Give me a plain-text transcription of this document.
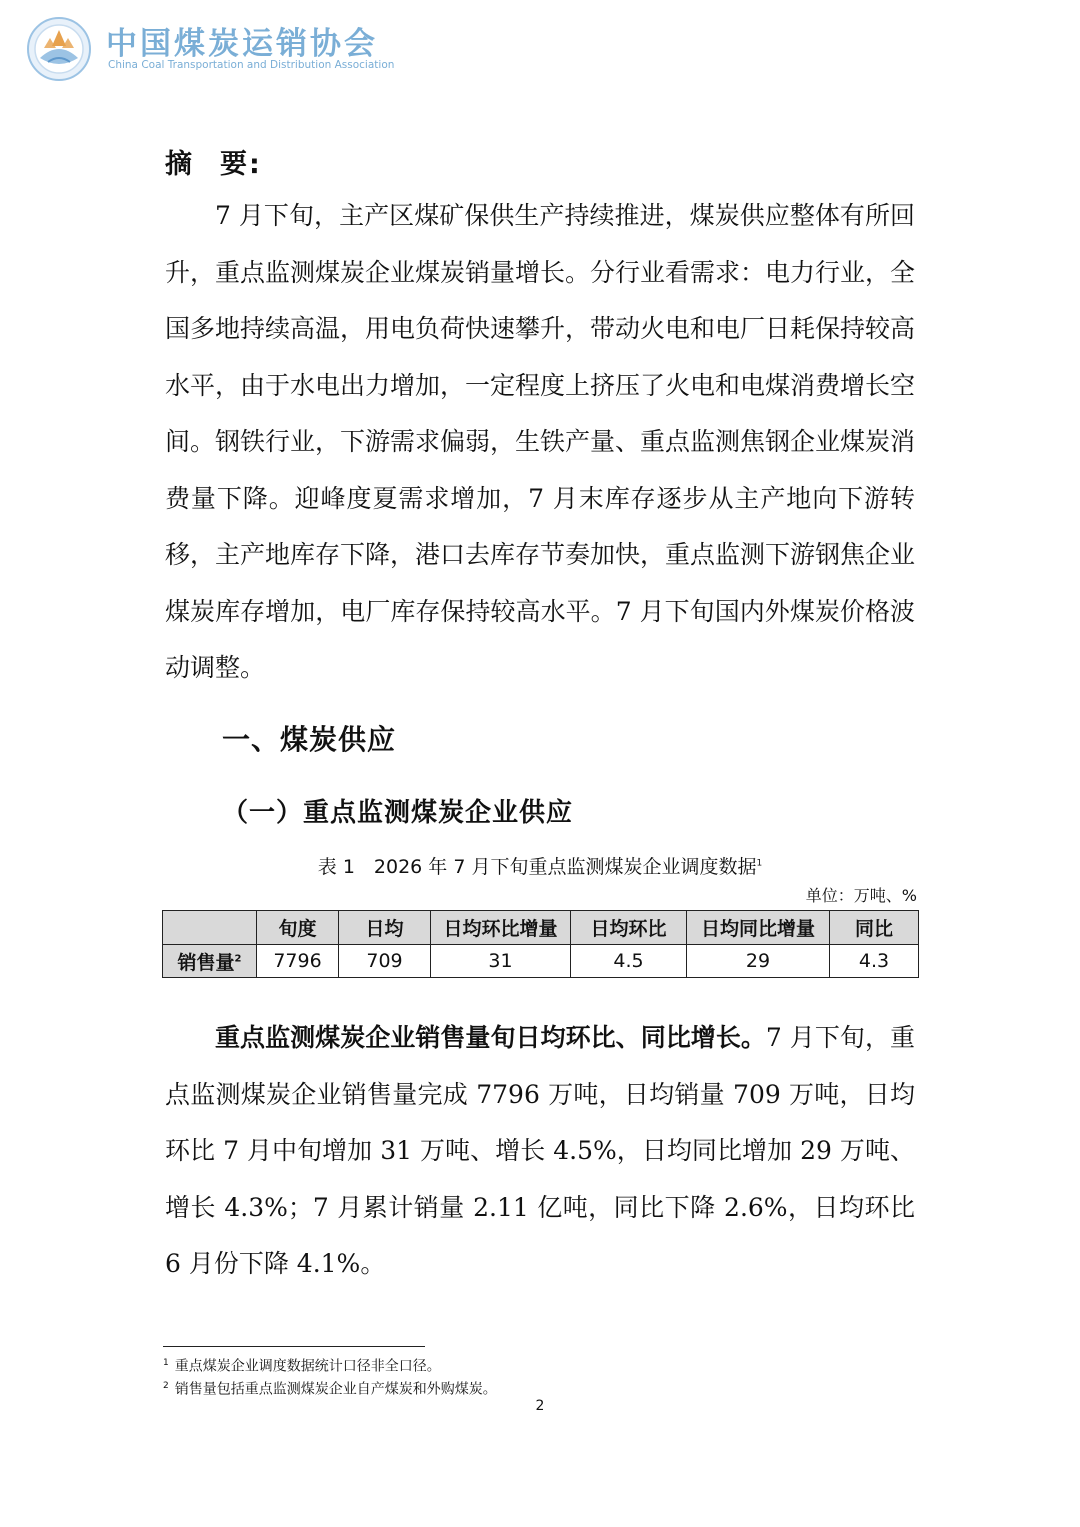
中国煤炭运销协会
China Coal Transportation and Distribution Association
摘 要:

7 月下旬，主产区煤矿保供生产持续推进，煤炭供应整体有所回升，重点监测煤炭企业煤炭销量增长。分行业看需求：电力行业，全国多地持续高温，用电负荷快速攀升，带动火电和电厂日耗保持较高水平，由于水电出力增加，一定程度上挤压了火电和电煤消费增长空间。钢铁行业，下游需求偏弱，生铁产量、重点监测焦钢企业煤炭消费量下降。迎峰度夏需求增加，7 月末库存逐步从主产地向下游转移，主产地库存下降，港口去库存节奏加快，重点监测下游钢焦企业煤炭库存增加，电厂库存保持较高水平。7 月下旬国内外煤炭价格波动调整。

一、煤炭供应
（一）重点监测煤炭企业供应
表 1　2026 年 7 月下旬重点监测煤炭企业调度数据$^1$
单位：万吨、%
	旬度	日均	日均环比增量	日均环比	日均同比增量	同比
销售量$^2$	7796	709	31	4.5	29	4.3

重点监测煤炭企业销售量旬日均环比、同比增长。7 月下旬，重点监测煤炭企业销售量完成 7796 万吨，日均销量 709 万吨，日均环比 7 月中旬增加 31 万吨、增长 4.5%，日均同比增加 29 万吨、增长 4.3%；7 月累计销量 2.11 亿吨，同比下降 2.6%，日均环比 6 月份下降 4.1%。

$^1$ 重点煤炭企业调度数据统计口径非全口径。
$^2$ 销售量包括重点监测煤炭企业自产煤炭和外购煤炭。
2
